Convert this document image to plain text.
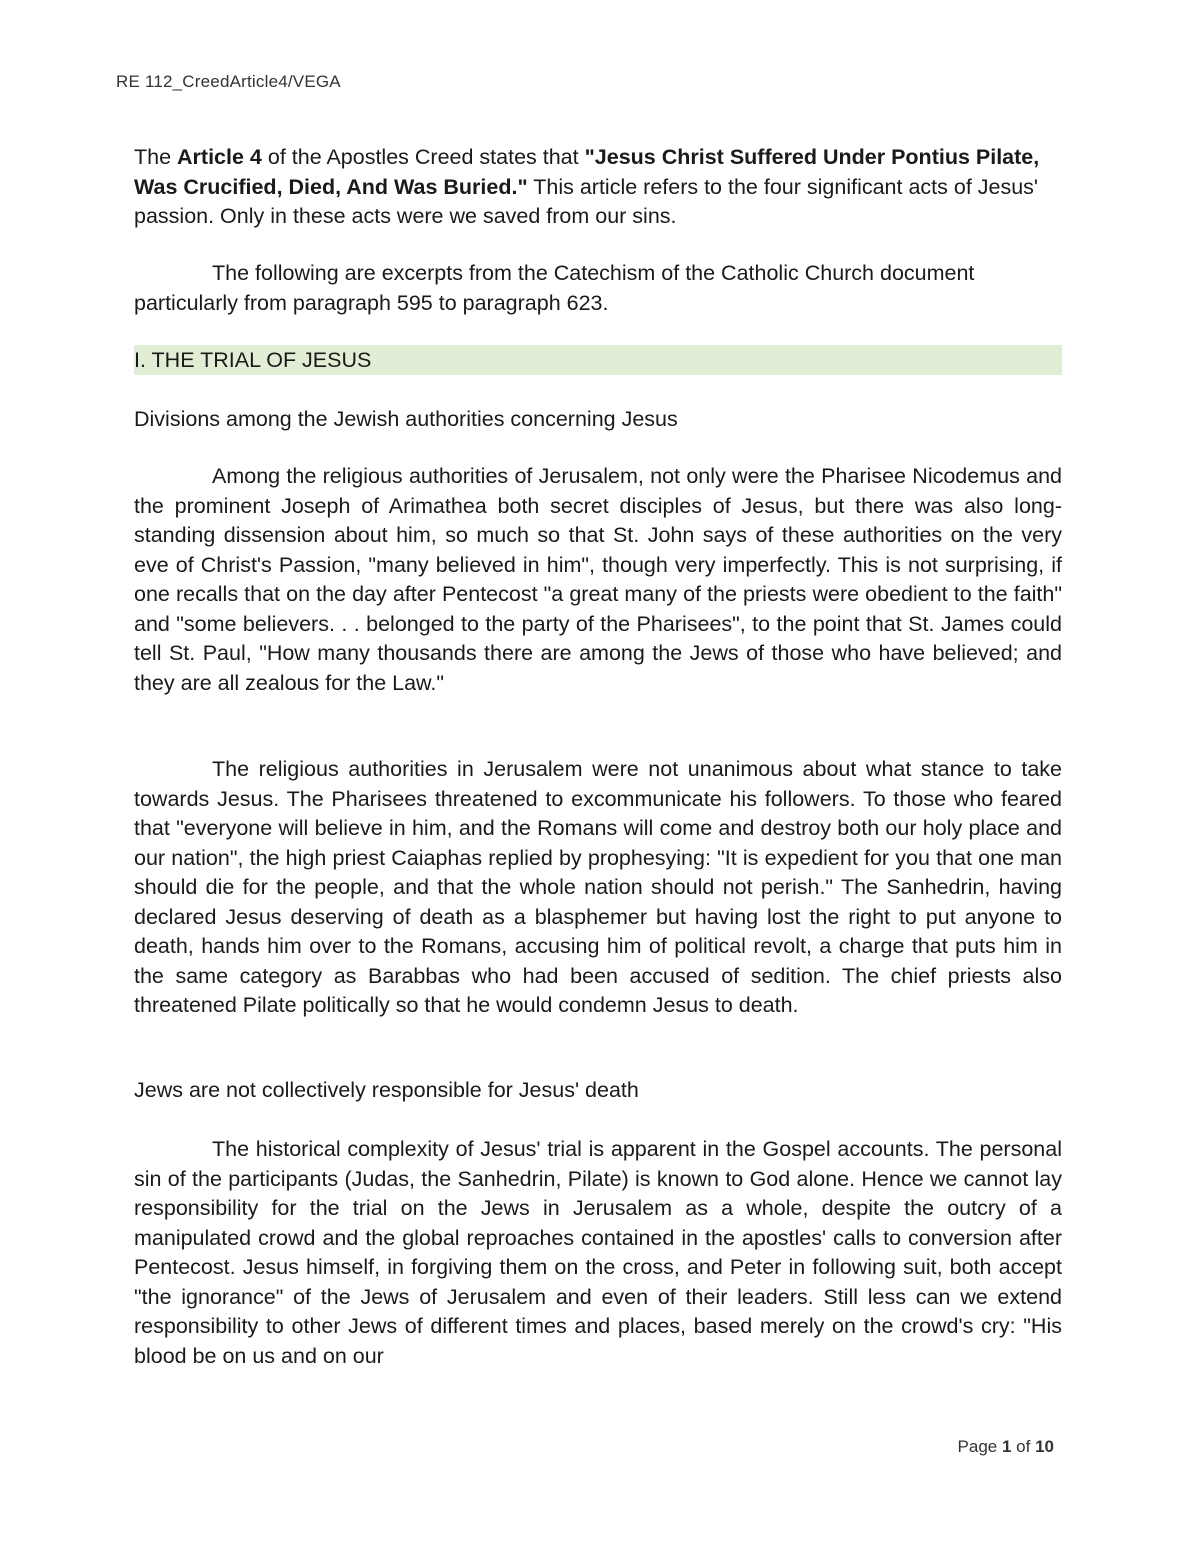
RE 112_CreedArticle4/VEGA
The Article 4 of the Apostles Creed states that "Jesus Christ Suffered Under Pontius Pilate, Was Crucified, Died, And Was Buried." This article refers to the four significant acts of Jesus' passion. Only in these acts were we saved from our sins.
The following are excerpts from the Catechism of the Catholic Church document particularly from paragraph 595 to paragraph 623.
I. THE TRIAL OF JESUS
Divisions among the Jewish authorities concerning Jesus
Among the religious authorities of Jerusalem, not only were the Pharisee Nicodemus and the prominent Joseph of Arimathea both secret disciples of Jesus, but there was also long-standing dissension about him, so much so that St. John says of these authorities on the very eve of Christ's Passion, "many believed in him", though very imperfectly. This is not surprising, if one recalls that on the day after Pentecost "a great many of the priests were obedient to the faith" and "some believers. . . belonged to the party of the Pharisees", to the point that St. James could tell St. Paul, "How many thousands there are among the Jews of those who have believed; and they are all zealous for the Law."
The religious authorities in Jerusalem were not unanimous about what stance to take towards Jesus. The Pharisees threatened to excommunicate his followers. To those who feared that "everyone will believe in him, and the Romans will come and destroy both our holy place and our nation", the high priest Caiaphas replied by prophesying: "It is expedient for you that one man should die for the people, and that the whole nation should not perish." The Sanhedrin, having declared Jesus deserving of death as a blasphemer but having lost the right to put anyone to death, hands him over to the Romans, accusing him of political revolt, a charge that puts him in the same category as Barabbas who had been accused of sedition. The chief priests also threatened Pilate politically so that he would condemn Jesus to death.
Jews are not collectively responsible for Jesus' death
The historical complexity of Jesus' trial is apparent in the Gospel accounts. The personal sin of the participants (Judas, the Sanhedrin, Pilate) is known to God alone. Hence we cannot lay responsibility for the trial on the Jews in Jerusalem as a whole, despite the outcry of a manipulated crowd and the global reproaches contained in the apostles' calls to conversion after Pentecost. Jesus himself, in forgiving them on the cross, and Peter in following suit, both accept "the ignorance" of the Jews of Jerusalem and even of their leaders. Still less can we extend responsibility to other Jews of different times and places, based merely on the crowd's cry: "His blood be on us and on our
Page 1 of 10
